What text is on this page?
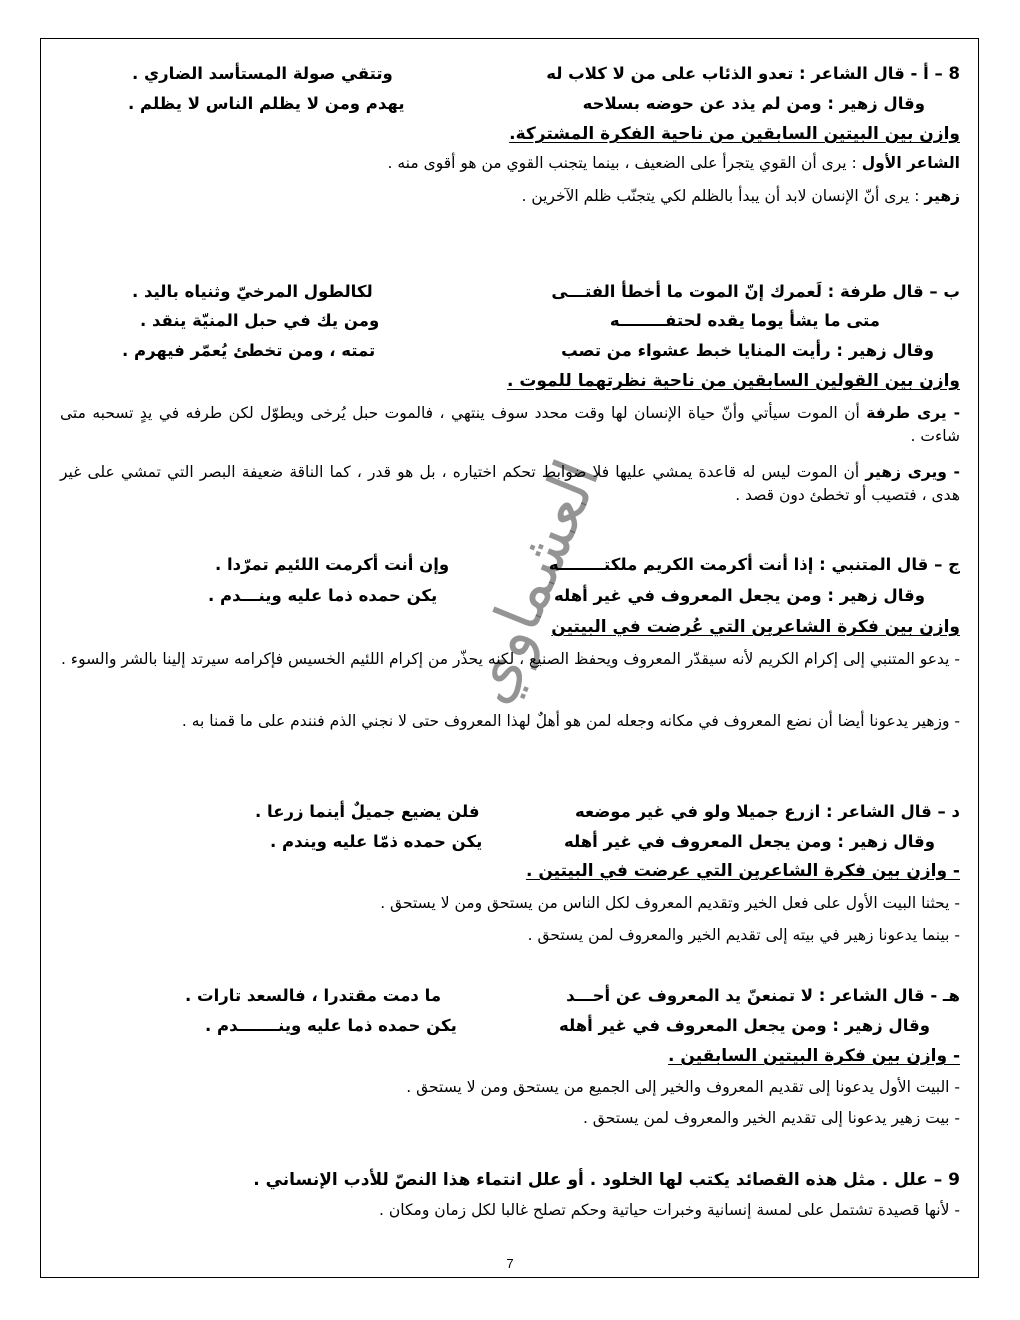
العشماوي
8 – أ - قال الشاعر : تعدو الذئاب على من لا كلاب له
وتتقي صولة المستأسد الضاري .
وقال زهير : ومن لم يذد عن حوضه بسلاحه
يهدم ومن لا يظلم الناس لا يظلم .
وازن بين البيتين السابقين من ناحية الفكرة المشتركة.
الشاعر الأول : يرى أن القوي يتجرأ على الضعيف ، بينما يتجنب القوي من هو أقوى منه .
زهير : يرى أنّ الإنسان لابد أن يبدأ بالظلم لكي يتجنّب ظلم الآخرين .
ب – قال طرفة : لَعمرك إنّ الموت ما أخطأ الفتـــى
لكالطول المرخيّ وثنياه باليد .
متى ما يشأ يوما يقده لحتفــــــــه
ومن يك في حبل المنيّة ينقد .
وقال زهير : رأيت المنايا خبط عشواء من تصب
تمته ، ومن تخطئ يُعمّر فيهرم .
وازن بين القولين السابقين من ناحية نظرتهما للموت .
- يرى طرفة أن الموت سيأتي وأنّ حياة الإنسان لها وقت محدد سوف ينتهي ، فالموت حبل يُرخى ويطوّل لكن طرفه في يدٍ تسحبه متى شاءت .
- ويرى زهير أن الموت ليس له قاعدة يمشي عليها فلا ضوابط تحكم اختياره ، بل هو قدر ، كما الناقة ضعيفة البصر التي تمشي على غير هدى ، فتصيب أو تخطئ دون قصد .
ج – قال المتنبي : إذا أنت أكرمت الكريم ملكتــــــــه
وإن أنت أكرمت اللئيم تمرّدا .
وقال زهير : ومن يجعل المعروف في غير أهله
يكن حمده ذما عليه وينـــدم .
وازن بين فكرة الشاعرين التي عُرضت في البيتين
- يدعو المتنبي إلى إكرام الكريم لأنه سيقدّر المعروف ويحفظ الصنيع ، لكنه يحذّر من إكرام اللئيم الخسيس فإكرامه سيرتد إلينا بالشر والسوء .
- وزهير يدعونا أيضا أن نضع المعروف في مكانه وجعله لمن هو أهلٌ لهذا المعروف حتى لا نجني الذم فنندم على ما قمنا به .
د – قال الشاعر : ازرع جميلا ولو في غير موضعه
فلن يضيع جميلٌ أينما زرعا .
وقال زهير : ومن يجعل المعروف في غير أهله
يكن حمده ذمّا عليه ويندم .
- وازن بين فكرة الشاعرين التي عرضت في البيتين .
- يحثنا البيت الأول على فعل الخير وتقديم المعروف لكل الناس من يستحق ومن لا يستحق .
- بينما يدعونا زهير في بيته إلى تقديم الخير والمعروف لمن يستحق .
هـ - قال الشاعر : لا تمنعنّ يد المعروف عن أحـــد
ما دمت مقتدرا ، فالسعد تارات .
وقال زهير : ومن يجعل المعروف في غير أهله
يكن حمده ذما عليه وينـــــــدم .
- وازن بين فكرة البيتين السابقين .
- البيت الأول يدعونا إلى تقديم المعروف والخير إلى الجميع من يستحق ومن لا يستحق .
- بيت زهير يدعونا إلى تقديم الخير والمعروف لمن يستحق .
9 – علل . مثل هذه القصائد يكتب لها الخلود . أو علل انتماء هذا النصّ للأدب الإنساني .
- لأنها قصيدة تشتمل على لمسة إنسانية وخبرات حياتية وحكم تصلح غالبا لكل زمان ومكان .
7
